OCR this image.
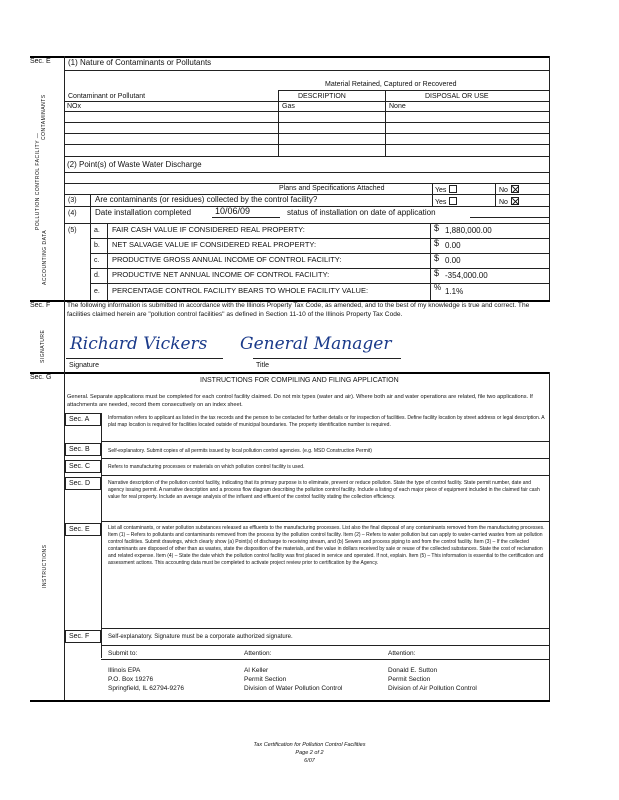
Sec. E
CONTAMINANTS
POLLUTION CONTROL FACILITY —
ACCOUNTING DATA
(1) Nature of Contaminants or Pollutants
Material Retained, Captured or Recovered
Contaminant or Pollutant	DESCRIPTION	DISPOSAL OR USE
NOx	Gas	None
(2) Point(s) of Waste Water Discharge
Plans and Specifications Attached	Yes	No
(3) Are contaminants (or residues) collected by the control facility?	Yes	No
(4) Date installation completed	10/06/09	status of installation on date of application
(5) a. FAIR CASH VALUE IF CONSIDERED REAL PROPERTY:	$ 1,880,000.00
b. NET SALVAGE VALUE IF CONSIDERED REAL PROPERTY:	$ 0.00
c. PRODUCTIVE GROSS ANNUAL INCOME OF CONTROL FACILITY:	$ 0.00
d. PRODUCTIVE NET ANNUAL INCOME OF CONTROL FACILITY:	$ -354,000.00
e. PERCENTAGE CONTROL FACILITY BEARS TO WHOLE FACILITY VALUE:	% 1.1%
Sec. F
SIGNATURE
The following information is submitted in accordance with the Illinois Property Tax Code, as amended, and to the best of my knowledge is true and correct. The facilities claimed herein are "pollution control facilities" as defined in Section 11-10 of the Illinois Property Tax Code.
Richard Vickers General Manager
Signature	Title
Sec. G
INSTRUCTIONS
INSTRUCTIONS FOR COMPILING AND FILING APPLICATION
General. Separate applications must be completed for each control facility claimed. Do not mix types (water and air). Where both air and water operations are related, file two applications. If attachments are needed, record them consecutively on an index sheet.
Sec. A	Information refers to applicant as listed in the tax records and the person to be contacted for further details or for inspection of facilities. Define facility location by street address or legal description. A plat map location is required for facilities located outside of municipal boundaries. The property identification number is required.
Sec. B	Self-explanatory. Submit copies of all permits issued by local pollution control agencies. (e.g. MSD Construction Permit)
Sec. C	Refers to manufacturing processes or materials on which pollution control facility is used.
Sec. D	Narrative description of the pollution control facility, indicating that its primary purpose is to eliminate, prevent or reduce pollution. State the type of control facility. State permit number, date and agency issuing permit. A narrative description and a process flow diagram describing the pollution control facility. Include a listing of each major piece of equipment included in the claimed fair cash value for real property. Include an average analysis of the influent and effluent of the control facility stating the collection efficiency.
Sec. E	List all contaminants, or water pollution substances released as effluents to the manufacturing processes. List also the final disposal of any contaminants removed from the manufacturing processes. Item (1) – Refers to pollutants and contaminants removed from the process by the pollution control facility. Item (2) – Refers to water pollution but can apply to water-carried wastes from air pollution control facilities. Submit drawings, which clearly show (a) Point(s) of discharge to receiving stream, and (b) Sewers and process piping to and from the control facility. Item (3) – If the collected contaminants are disposed of other than as wastes, state the disposition of the materials, and the value in dollars received by sale or reuse of the collected substances. State the cost of reclamation and related expense. Item (4) – State the date which the pollution control facility was first placed in service and operated. If not, explain. Item (5) – This information is essential to the certification and assessment actions. This accounting data must be completed to activate project review prior to certification by the Agency.
Sec. F	Self-explanatory. Signature must be a corporate authorized signature.
Submit to:	Attention:	Attention:
Illinois EPA
P.O. Box 19276
Springfield, IL 62794-9276
Al Keller
Permit Section
Division of Water Pollution Control
Donald E. Sutton
Permit Section
Division of Air Pollution Control
Tax Certification for Pollution Control Facilities
Page 2 of 2
6/07
